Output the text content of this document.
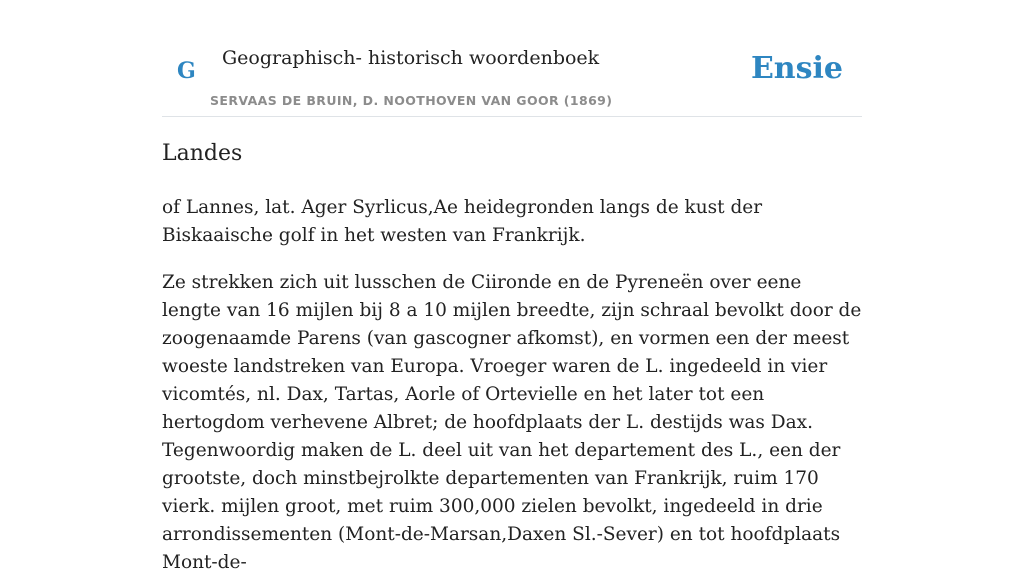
G Geographisch- historisch woordenboek
SERVAAS DE BRUIN, D. NOOTHOVEN VAN GOOR (1869)
Ensie
Landes

of Lannes, lat. Ager Syrlicus,Ae heidegronden langs de kust der Biskaaische golf in het westen van Frankrijk.

Ze strekken zich uit lusschen de Ciironde en de Pyreneën over eene lengte van 16 mijlen bij 8 a 10 mijlen breedte, zijn schraal bevolkt door de zoogenaamde Parens (van gascogner afkomst), en vormen een der meest woeste landstreken van Europa. Vroeger waren de L. ingedeeld in vier vicomtés, nl. Dax, Tartas, Aorle of Ortevielle en het later tot een hertogdom verhevene Albret; de hoofdplaats der L. destijds was Dax. Tegenwoordig maken de L. deel uit van het departement des L., een der grootste, doch minstbejrolkte departementen van Frankrijk, ruim 170 vierk. mijlen groot, met ruim 300,000 zielen bevolkt, ingedeeld in drie arrondissementen (Mont-de-Marsan,Daxen Sl.-Sever) en tot hoofdplaats Mont-de-
